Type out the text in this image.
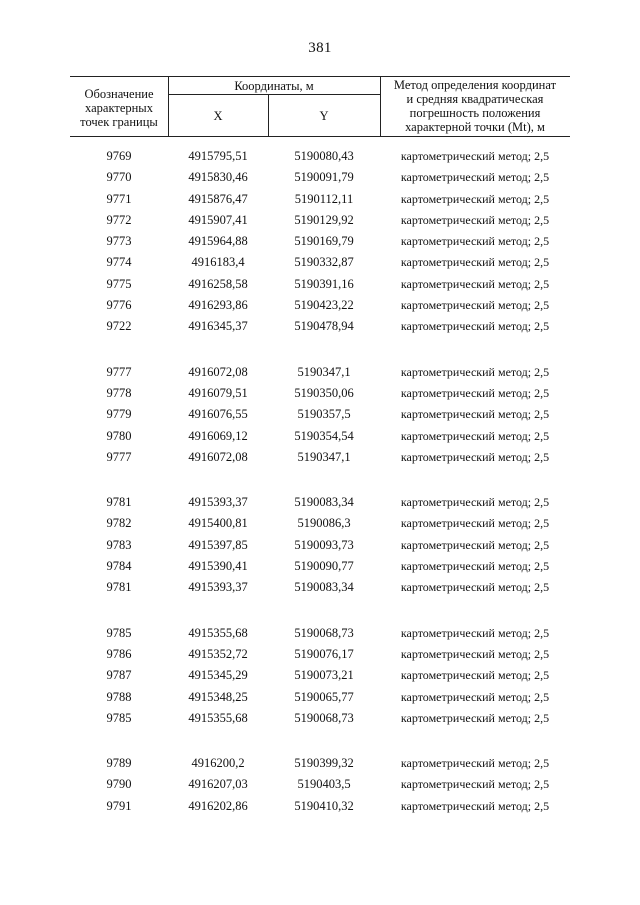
381
Обозначение
характерных
точек границы
Координаты, м
X	Y
Метод определения координат
и средняя квадратическая
погрешность положения
характерной точки (Mt), м
9769	4915795,51	5190080,43	картометрический метод; 2,5
9770	4915830,46	5190091,79	картометрический метод; 2,5
9771	4915876,47	5190112,11	картометрический метод; 2,5
9772	4915907,41	5190129,92	картометрический метод; 2,5
9773	4915964,88	5190169,79	картометрический метод; 2,5
9774	4916183,4	5190332,87	картометрический метод; 2,5
9775	4916258,58	5190391,16	картометрический метод; 2,5
9776	4916293,86	5190423,22	картометрический метод; 2,5
9722	4916345,37	5190478,94	картометрический метод; 2,5
9777	4916072,08	5190347,1	картометрический метод; 2,5
9778	4916079,51	5190350,06	картометрический метод; 2,5
9779	4916076,55	5190357,5	картометрический метод; 2,5
9780	4916069,12	5190354,54	картометрический метод; 2,5
9777	4916072,08	5190347,1	картометрический метод; 2,5
9781	4915393,37	5190083,34	картометрический метод; 2,5
9782	4915400,81	5190086,3	картометрический метод; 2,5
9783	4915397,85	5190093,73	картометрический метод; 2,5
9784	4915390,41	5190090,77	картометрический метод; 2,5
9781	4915393,37	5190083,34	картометрический метод; 2,5
9785	4915355,68	5190068,73	картометрический метод; 2,5
9786	4915352,72	5190076,17	картометрический метод; 2,5
9787	4915345,29	5190073,21	картометрический метод; 2,5
9788	4915348,25	5190065,77	картометрический метод; 2,5
9785	4915355,68	5190068,73	картометрический метод; 2,5
9789	4916200,2	5190399,32	картометрический метод; 2,5
9790	4916207,03	5190403,5	картометрический метод; 2,5
9791	4916202,86	5190410,32	картометрический метод; 2,5
